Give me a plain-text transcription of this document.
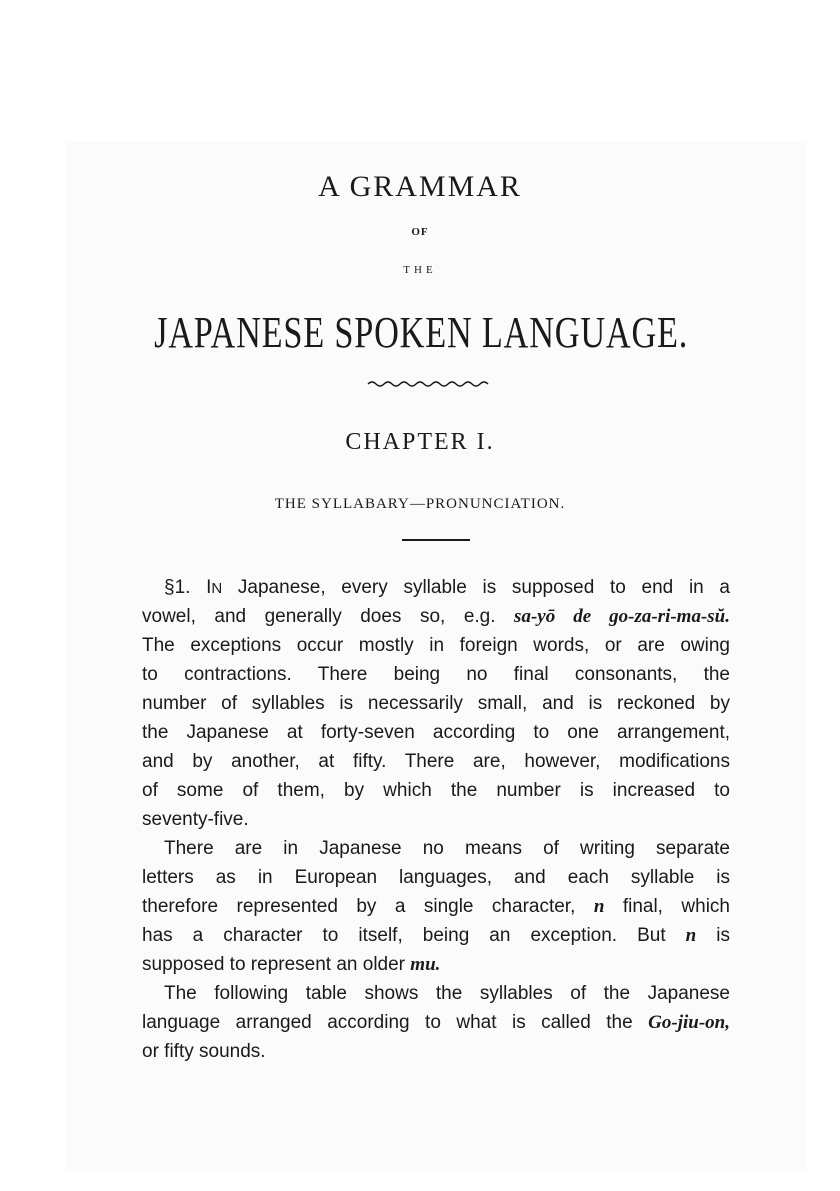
A GRAMMAR
OF
THE
JAPANESE SPOKEN LANGUAGE.
CHAPTER I.
THE SYLLABARY—PRONUNCIATION.
§1. IN Japanese, every syllable is supposed to end in a
vowel, and generally does so, e.g. sa-yō de go-za-ri-ma-sŭ.
The exceptions occur mostly in foreign words, or are owing
to contractions. There being no final consonants, the
number of syllables is necessarily small, and is reckoned by
the Japanese at forty-seven according to one arrangement,
and by another, at fifty. There are, however, modifications
of some of them, by which the number is increased to
seventy-five.
There are in Japanese no means of writing separate
letters as in European languages, and each syllable is
therefore represented by a single character, n final, which
has a character to itself, being an exception. But n is
supposed to represent an older mu.
The following table shows the syllables of the Japanese
language arranged according to what is called the Go-jiu-on,
or fifty sounds.
